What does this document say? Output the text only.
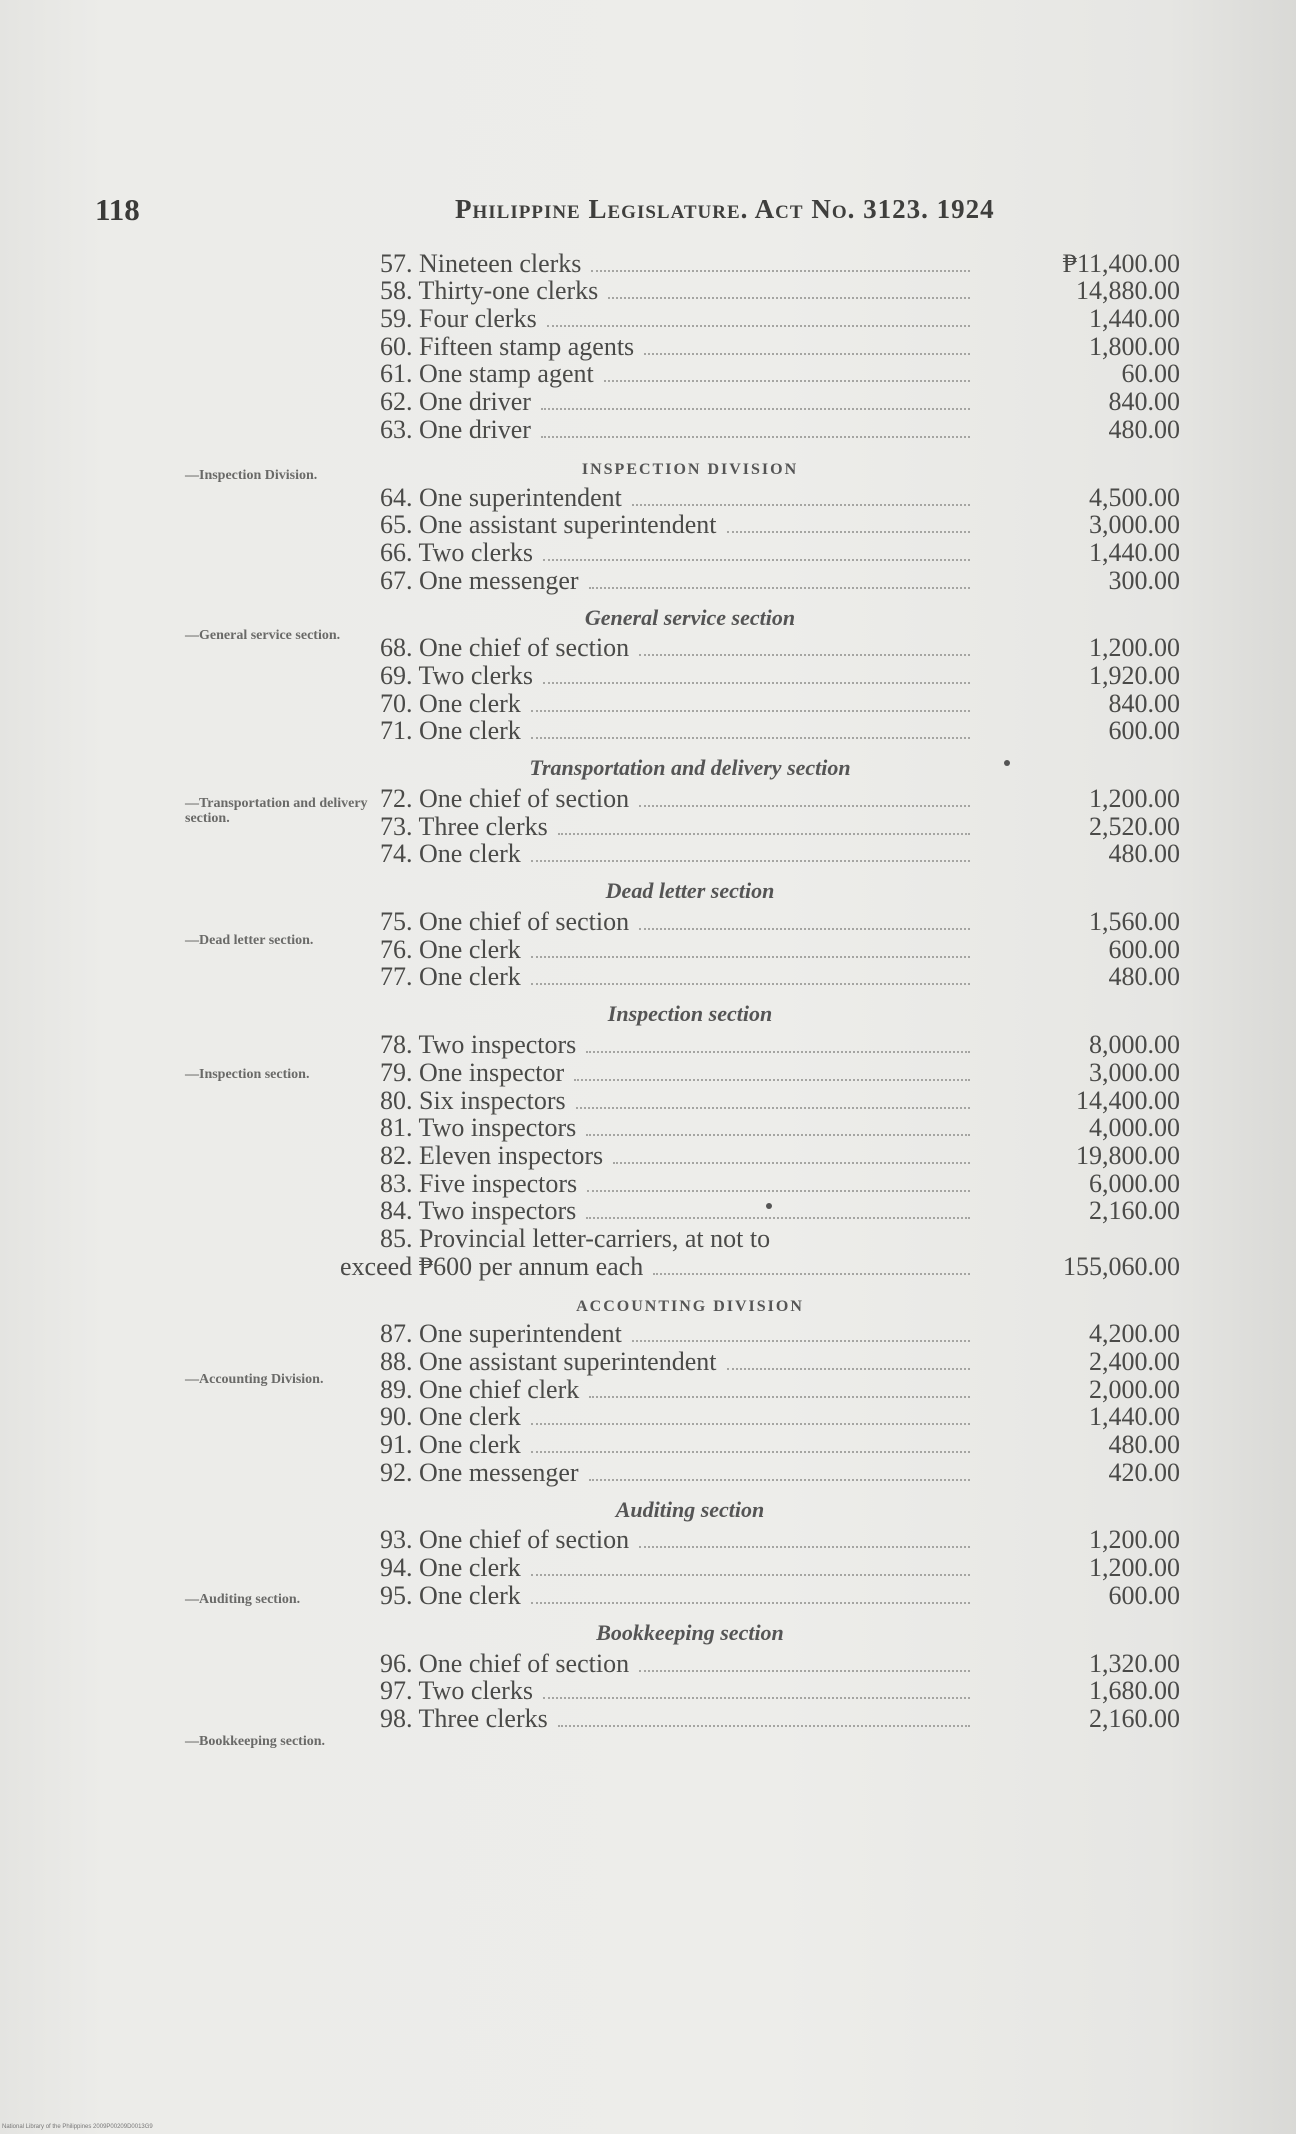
118	Philippine Legislature. Act No. 3123. 1924
—Inspection Division.
—General service section.
—Transportation and delivery section.
—Dead letter section.
—Inspection section.
—Accounting Division.
—Auditing section.
—Bookkeeping section.
57. Nineteen clerks	₱11,400.00
58. Thirty-one clerks	14,880.00
59. Four clerks	1,440.00
60. Fifteen stamp agents	1,800.00
61. One stamp agent	60.00
62. One driver	840.00
63. One driver	480.00
INSPECTION DIVISION
64. One superintendent	4,500.00
65. One assistant superintendent	3,000.00
66. Two clerks	1,440.00
67. One messenger	300.00
General service section
68. One chief of section	1,200.00
69. Two clerks	1,920.00
70. One clerk	840.00
71. One clerk	600.00
Transportation and delivery section
72. One chief of section	1,200.00
73. Three clerks	2,520.00
74. One clerk	480.00
Dead letter section
75. One chief of section	1,560.00
76. One clerk	600.00
77. One clerk	480.00
Inspection section
78. Two inspectors	8,000.00
79. One inspector	3,000.00
80. Six inspectors	14,400.00
81. Two inspectors	4,000.00
82. Eleven inspectors	19,800.00
83. Five inspectors	6,000.00
84. Two inspectors	2,160.00
85. Provincial letter-carriers, at not to
exceed ₱600 per annum each	155,060.00
ACCOUNTING DIVISION
87. One superintendent	4,200.00
88. One assistant superintendent	2,400.00
89. One chief clerk	2,000.00
90. One clerk	1,440.00
91. One clerk	480.00
92. One messenger	420.00
Auditing section
93. One chief of section	1,200.00
94. One clerk	1,200.00
95. One clerk	600.00
Bookkeeping section
96. One chief of section	1,320.00
97. Two clerks	1,680.00
98. Three clerks	2,160.00
National Library of the Philippines 2009P00209D0013G9
